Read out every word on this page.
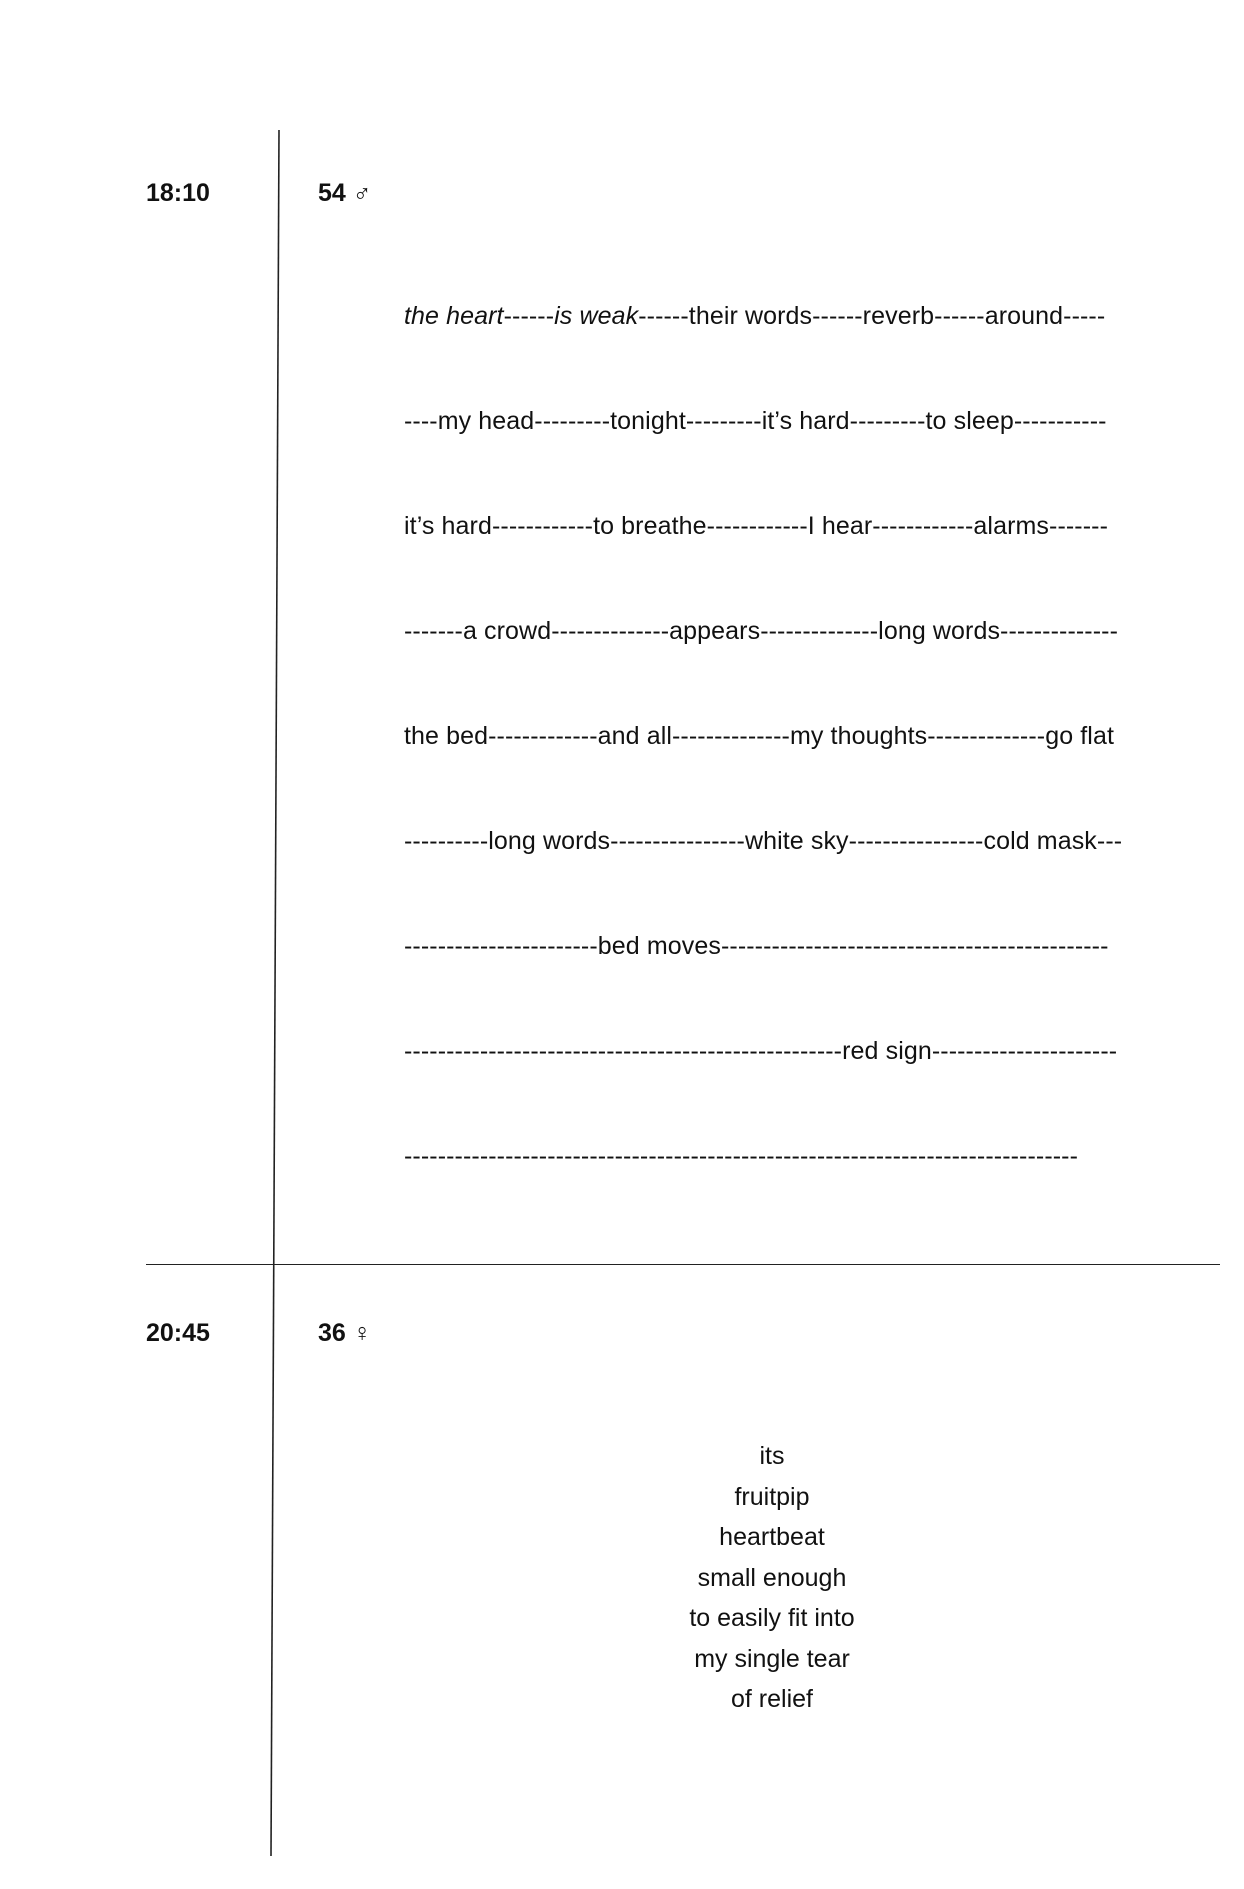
18:10	54 ♂
the heart------is weak------their words------reverb------around-----
----my head---------tonight---------it’s hard---------to sleep-----------
it’s hard------------to breathe------------I hear------------alarms-------
-------a crowd--------------appears--------------long words--------------
the bed-------------and all--------------my thoughts--------------go flat
----------long words----------------white sky----------------cold mask---
-----------------------bed moves----------------------------------------------
----------------------------------------------------red sign----------------------
--------------------------------------------------------------------------------
20:45	36 ♀
its
fruitpip
heartbeat
small enough
to easily fit into
my single tear
of relief
